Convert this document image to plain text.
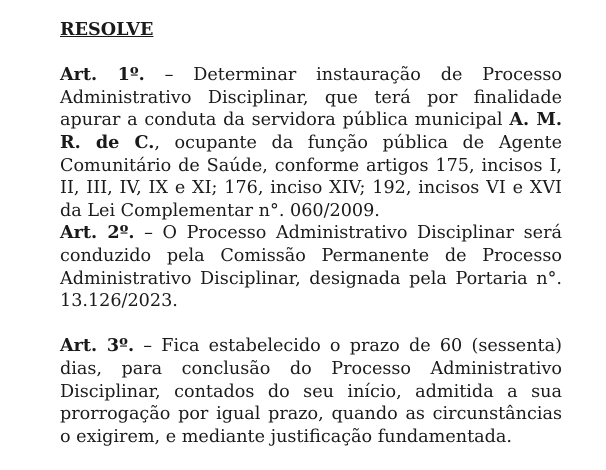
RESOLVE

Art. 1º. – Determinar instauração de Processo Administrativo Disciplinar, que terá por finalidade apurar a conduta da servidora pública municipal A. M. R. de C., ocupante da função pública de Agente Comunitário de Saúde, conforme artigos 175, incisos I, II, III, IV, IX e XI; 176, inciso XIV; 192, incisos VI e XVI da Lei Complementar n°. 060/2009.

Art. 2º. – O Processo Administrativo Disciplinar será conduzido pela Comissão Permanente de Processo Administrativo Disciplinar, designada pela Portaria n°. 13.126/2023.

Art. 3º. – Fica estabelecido o prazo de 60 (sessenta) dias, para conclusão do Processo Administrativo Disciplinar, contados do seu início, admitida a sua prorrogação por igual prazo, quando as circunstâncias o exigirem, e mediante justificação fundamentada.
